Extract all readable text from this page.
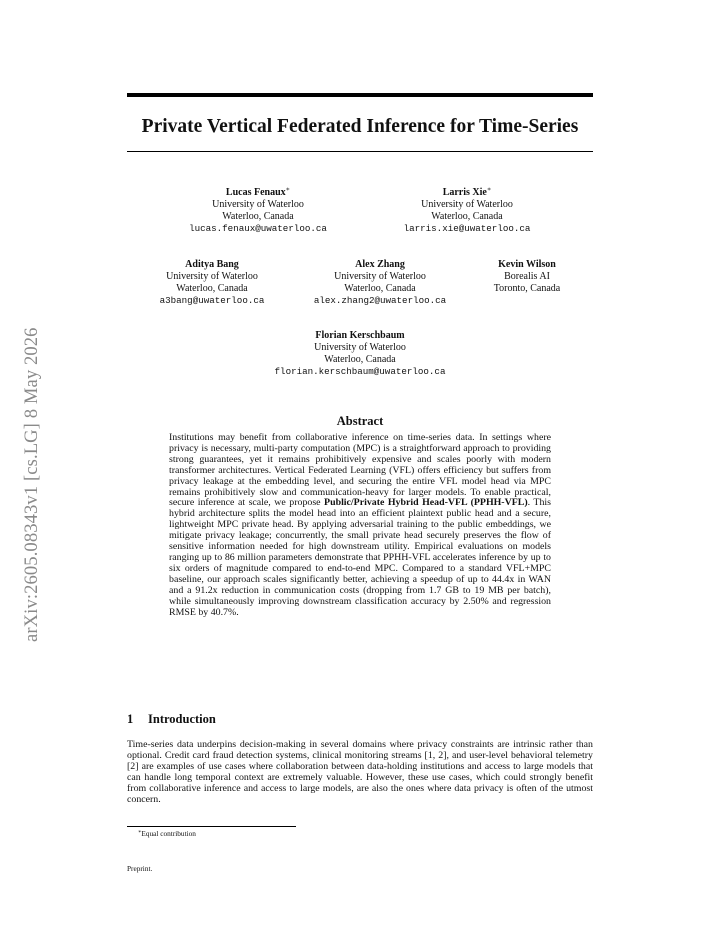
arXiv:2605.08343v1 [cs.LG] 8 May 2026
Private Vertical Federated Inference for Time-Series
Lucas Fenaux∗
University of Waterloo
Waterloo, Canada
lucas.fenaux@uwaterloo.ca
Larris Xie∗
University of Waterloo
Waterloo, Canada
larris.xie@uwaterloo.ca
Aditya Bang
University of Waterloo
Waterloo, Canada
a3bang@uwaterloo.ca
Alex Zhang
University of Waterloo
Waterloo, Canada
alex.zhang2@uwaterloo.ca
Kevin Wilson
Borealis AI
Toronto, Canada
Florian Kerschbaum
University of Waterloo
Waterloo, Canada
florian.kerschbaum@uwaterloo.ca
Abstract
Institutions may benefit from collaborative inference on time-series data. In settings where privacy is necessary, multi-party computation (MPC) is a straightforward approach to providing strong guarantees, yet it remains prohibitively expensive and scales poorly with modern transformer architectures. Vertical Federated Learning (VFL) offers efficiency but suffers from privacy leakage at the embedding level, and securing the entire VFL model head via MPC remains prohibitively slow and communication-heavy for larger models. To enable practical, secure inference at scale, we propose Public/Private Hybrid Head-VFL (PPHH-VFL). This hybrid architecture splits the model head into an efficient plaintext public head and a secure, lightweight MPC private head. By applying adversarial training to the public embeddings, we mitigate privacy leakage; concurrently, the small private head securely preserves the flow of sensitive information needed for high downstream utility. Empirical evaluations on models ranging up to 86 million parameters demonstrate that PPHH-VFL accelerates inference by up to six orders of magnitude compared to end-to-end MPC. Compared to a standard VFL+MPC baseline, our approach scales significantly better, achieving a speedup of up to 44.4x in WAN and a 91.2x reduction in communication costs (dropping from 1.7 GB to 19 MB per batch), while simultaneously improving downstream classification accuracy by 2.50% and regression RMSE by 40.7%.
1 Introduction
Time-series data underpins decision-making in several domains where privacy constraints are intrinsic rather than optional. Credit card fraud detection systems, clinical monitoring streams [1, 2], and user-level behavioral telemetry [2] are examples of use cases where collaboration between data-holding institutions and access to large models that can handle long temporal context are extremely valuable. However, these use cases, which could strongly benefit from collaborative inference and access to large models, are also the ones where data privacy is often of the utmost concern.
∗Equal contribution
Preprint.
